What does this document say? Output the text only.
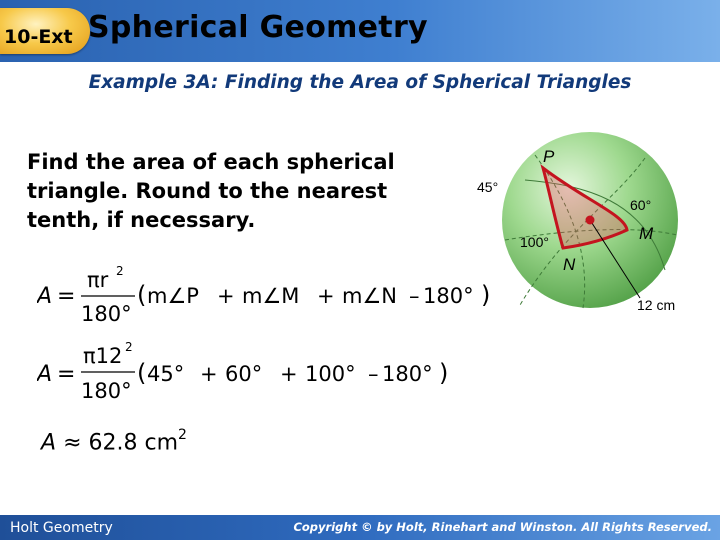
10-Ext Spherical Geometry
Example 3A: Finding the Area of Spherical Triangles
Find the area of each spherical triangle. Round to the nearest tenth, if necessary.
P
M
N
45°
60°
100°
12 cm
A =
πr 2
180°
( m∠P + m∠M + m∠N – 180° )
A =
π12 2
180°
( 45° + 60° + 100° – 180° )
A ≈ 62.8 $cm^2$
Holt Geometry	Copyright © by Holt, Rinehart and Winston. All Rights Reserved.
